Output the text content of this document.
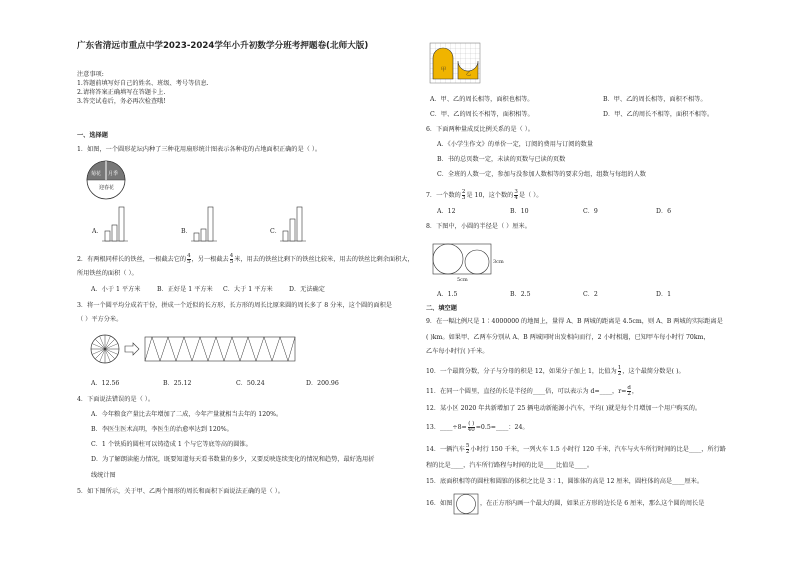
广东省清远市重点中学2023-2024学年小升初数学分班考押题卷(北师大版)
注意事项:
1.答题前填写好自己的姓名、班级、考号等信息.
2.请将答案正确填写在答题卡上.
3.答完试卷后，务必再次检查哦!
一、选择题
1．如图，一个圆形花坛内种了三种花用扇形统计图表示各种花的占地面积正确的是（ ）。
菊花 月季
迎春花
A．	B．	C．
2．有两根同样长的铁丝，一根截去它的 $\frac{4}{5}$ ，另一根截去 $\frac{4}{5}$ 米，用去的铁丝比剩下的铁丝比较米，用去的铁丝比剩余面积大，
所用铁丝的面积（ ）。
A．小于 1 平方米	B．正好是 1 平方米 C．大于 1 平方米	D．无法确定
3．将一个圆平均分成若干份，拼成一个近似的长方形，长方形的周长比原来圆的周长多了 8 分米，这个圆的面积是
（ ）平方分米。
A．12.56	B．25.12	C．50.24	D．200.96
4．下面说法错误的是（ ）。
A．今年粮食产量比去年增加了二成，今年产量就相当去年的 120%。
B．李医生医术高明，李医生的治愈率达到 120%。
C．1 个铁质的圆柱可以铸造成 1 个与它等底等高的圆锥。
D．为了解朗读能力情况，既要知道每天看书数量的多少，又要反映连续变化的情况和趋势，最好选用折
线统计图
5．如下图所示，关于甲、乙两个图形的周长和面积下面说法正确的是（ ）。
甲
乙
A．甲、乙的周长相等，面积也相等。	B．甲、乙的周长相等，面积不相等。
C．甲、乙的周长不相等，面积相等。	D．甲、乙的周长不相等，面积不相等。
6．下面两种量成反比例关系的是（ ）。
A．《小学生作文》的单价一定，订阅的费用与订阅的数量
B．书的总页数一定，未读的页数与已读的页数
C．全班的人数一定，参加与没参加人数相等的要求分组，组数与每组的人数
7．一个数的 $\frac{2}{3}$ 是 10，这个数的 $\frac{3}{4}$ 是（ ）。
A．12	B．10	C．9	D．6
8．下图中，小圆的半径是（ ）厘米。
3cm
5cm
A．1.5	B．2.5	C．2	D．1
二、填空题
9．在一幅比例尺是 1∶4000000 的地图上，量得 A、B 两城的距离是 4.5cm，则 A、B 两城的实际距离是
( )km。如果甲、乙两车分别从 A、B 两城同时出发相向而行，2 小时相遇，已知甲车每小时行 70km，
乙车每小时行( )千米。
10．一个最简分数，分子与分母的积是 12，如果分子加上 1，比值为 $\frac{1}{2}$ ，这个最简分数是( )。
11．在同一个圆里，直径的长是半径的____倍，可以表示为 d=____，$r= \frac{d}{2}$ ，
12．某小区 2020 年共新增加了 25 辆电动新能源小汽车，平均( )就是每个月增加一个用户购买的。
13．____÷8= $\frac{( )}{40}$ =0.5=____：24。
14．一辆汽车 $\frac{5}{2}$ 小时行 150 千米，一列火车 1.5 小时行 120 千米，汽车与火车所行时间的比是____，所行路
程的比是____，汽车所行路程与时间的比是____比值是____。
15．底面积相等的圆柱和圆锥的体积之比是 3∶1，圆锥体的高是 12 厘米，圆柱体的高是____厘米。
16．如图	，在正方形内画一个最大的圆，如果正方形的边长是 6 厘米，那么这个圆的周长是
